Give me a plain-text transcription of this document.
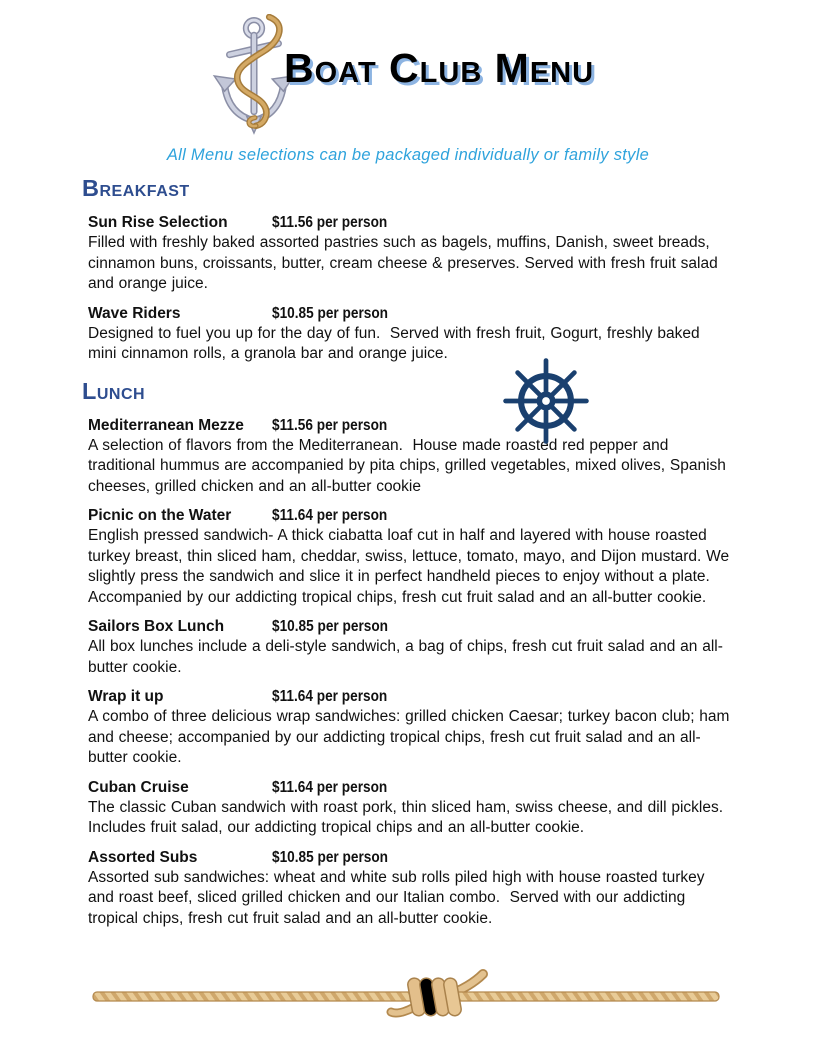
Boat Club Menu
All Menu selections can be packaged individually or family style
Breakfast
Sun Rise Selection	$11.56 per person
Filled with freshly baked assorted pastries such as bagels, muffins, Danish, sweet breads, cinnamon buns, croissants, butter, cream cheese & preserves. Served with fresh fruit salad and orange juice.
Wave Riders	$10.85 per person
Designed to fuel you up for the day of fun.  Served with fresh fruit, Gogurt, freshly baked mini cinnamon rolls, a granola bar and orange juice.
Lunch
Mediterranean Mezze	$11.56 per person
A selection of flavors from the Mediterranean.  House made roasted red pepper and traditional hummus are accompanied by pita chips, grilled vegetables, mixed olives, Spanish cheeses, grilled chicken and an all-butter cookie
Picnic on the Water	$11.64 per person
English pressed sandwich- A thick ciabatta loaf cut in half and layered with house roasted turkey breast, thin sliced ham, cheddar, swiss, lettuce, tomato, mayo, and Dijon mustard. We slightly press the sandwich and slice it in perfect handheld pieces to enjoy without a plate. Accompanied by our addicting tropical chips, fresh cut fruit salad and an all-butter cookie.
Sailors Box Lunch	$10.85 per person
All box lunches include a deli-style sandwich, a bag of chips, fresh cut fruit salad and an all-butter cookie.
Wrap it up	$11.64 per person
A combo of three delicious wrap sandwiches: grilled chicken Caesar; turkey bacon club; ham and cheese; accompanied by our addicting tropical chips, fresh cut fruit salad and an all-butter cookie.
Cuban Cruise	$11.64 per person
The classic Cuban sandwich with roast pork, thin sliced ham, swiss cheese, and dill pickles.  Includes fruit salad, our addicting tropical chips and an all-butter cookie.
Assorted Subs	$10.85 per person
Assorted sub sandwiches: wheat and white sub rolls piled high with house roasted turkey and roast beef, sliced grilled chicken and our Italian combo.  Served with our addicting tropical chips, fresh cut fruit salad and an all-butter cookie.
